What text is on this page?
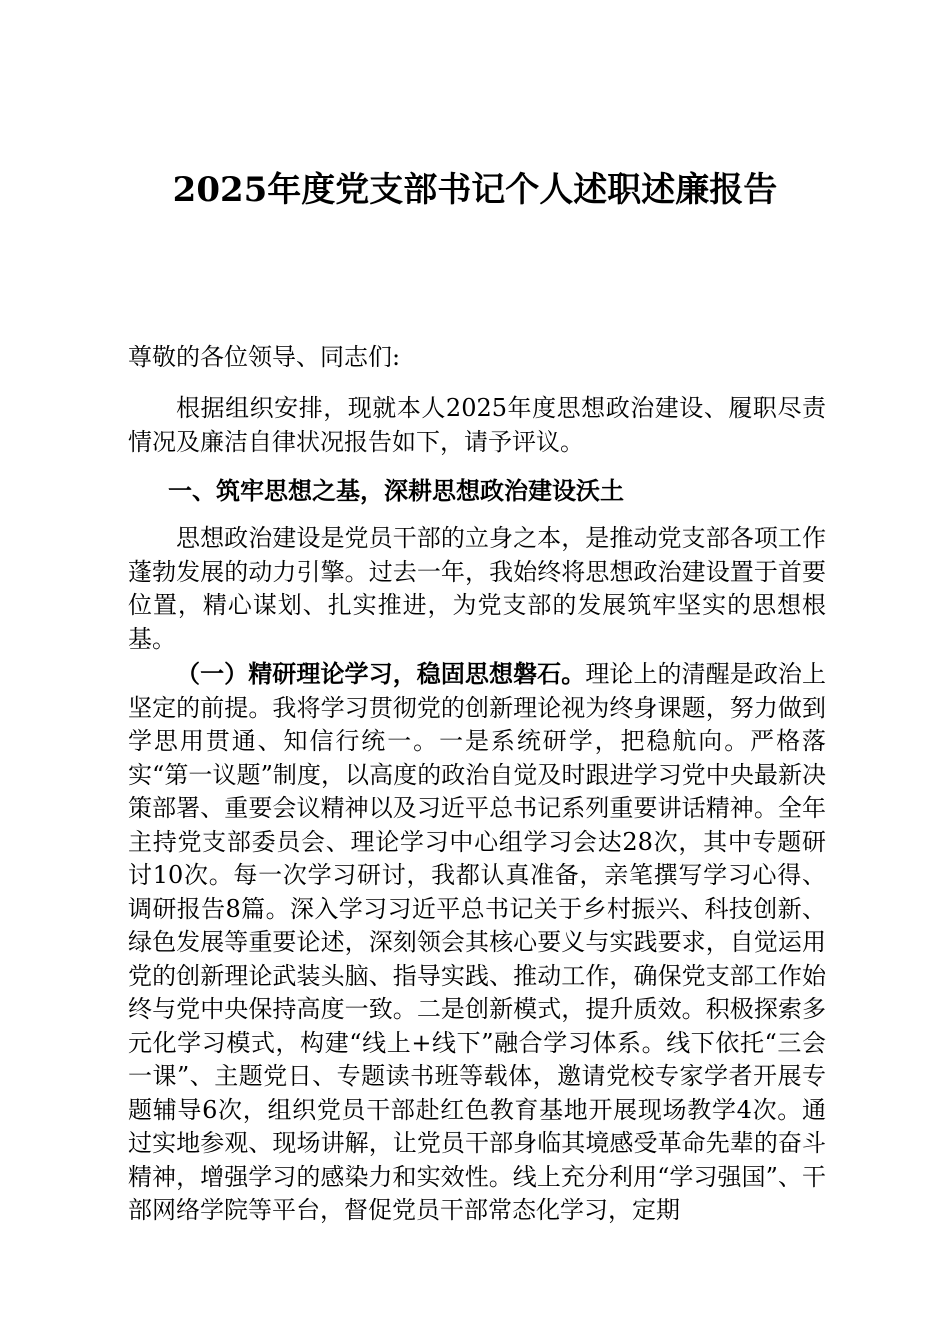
2025年度党支部书记个人述职述廉报告
尊敬的各位领导、同志们:
根据组织安排，现就本人2025年度思想政治建设、履职尽责情况及廉洁自律状况报告如下，请予评议。
一、筑牢思想之基，深耕思想政治建设沃土
思想政治建设是党员干部的立身之本，是推动党支部各项工作蓬勃发展的动力引擎。过去一年，我始终将思想政治建设置于首要位置，精心谋划、扎实推进，为党支部的发展筑牢坚实的思想根基。
（一）精研理论学习，稳固思想磐石。理论上的清醒是政治上坚定的前提。我将学习贯彻党的创新理论视为终身课题，努力做到学思用贯通、知信行统一。一是系统研学，把稳航向。严格落实“第一议题”制度，以高度的政治自觉及时跟进学习党中央最新决策部署、重要会议精神以及习近平总书记系列重要讲话精神。全年主持党支部委员会、理论学习中心组学习会达28次，其中专题研讨10次。每一次学习研讨，我都认真准备，亲笔撰写学习心得、调研报告8篇。深入学习习近平总书记关于乡村振兴、科技创新、绿色发展等重要论述，深刻领会其核心要义与实践要求，自觉运用党的创新理论武装头脑、指导实践、推动工作，确保党支部工作始终与党中央保持高度一致。二是创新模式，提升质效。积极探索多元化学习模式，构建“线上+线下”融合学习体系。线下依托“三会一课”、主题党日、专题读书班等载体，邀请党校专家学者开展专题辅导6次，组织党员干部赴红色教育基地开展现场教学4次。通过实地参观、现场讲解，让党员干部身临其境感受革命先辈的奋斗精神，增强学习的感染力和实效性。线上充分利用“学习强国”、干部网络学院等平台，督促党员干部常态化学习，定期
